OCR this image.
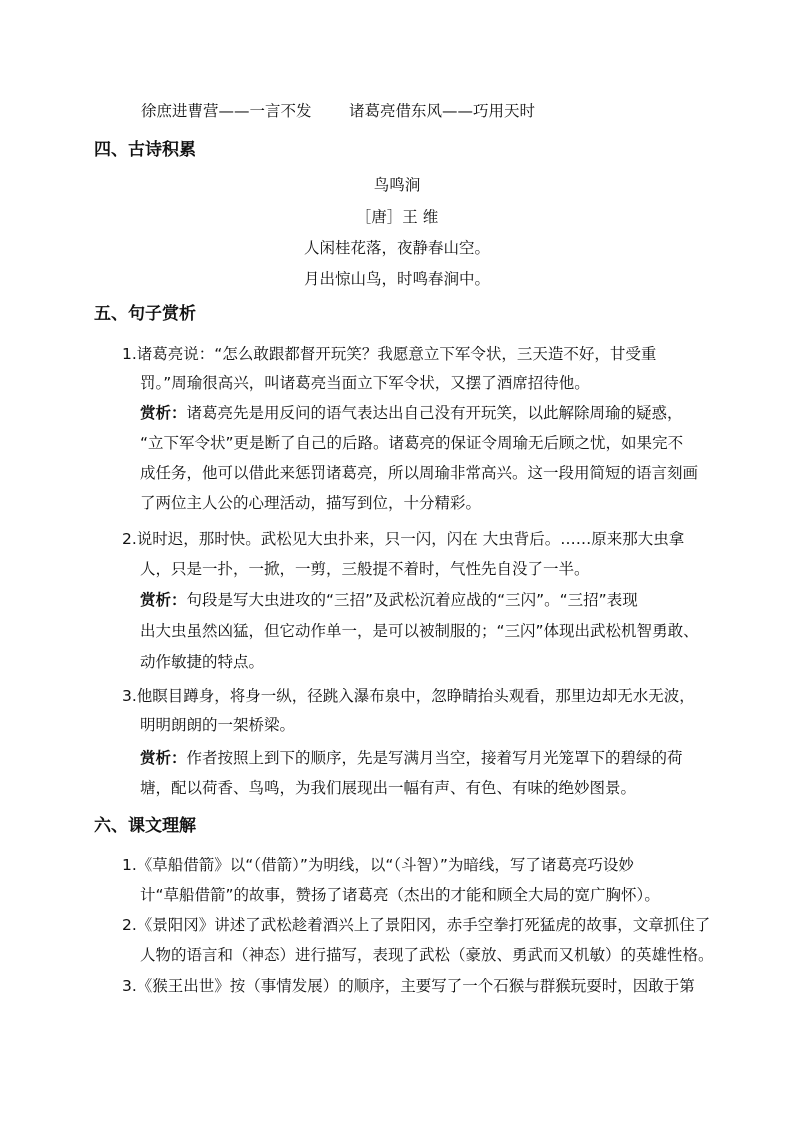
徐庶进曹营——一言不发 诸葛亮借东风——巧用天时
四、古诗积累
鸟鸣涧
［唐］王 维
人闲桂花落，夜静春山空。
月出惊山鸟，时鸣春涧中。
五、句子赏析
1.诸葛亮说：“怎么敢跟都督开玩笑？我愿意立下军令状，三天造不好，甘受重
罚。”周瑜很高兴，叫诸葛亮当面立下军令状，又摆了酒席招待他。
赏析：诸葛亮先是用反问的语气表达出自己没有开玩笑，以此解除周瑜的疑惑，
“立下军令状”更是断了自己的后路。诸葛亮的保证令周瑜无后顾之忧，如果完不
成任务，他可以借此来惩罚诸葛亮，所以周瑜非常高兴。这一段用简短的语言刻画
了两位主人公的心理活动，描写到位，十分精彩。
2.说时迟，那时快。武松见大虫扑来，只一闪，闪在 大虫背后。……原来那大虫拿
人，只是一扑，一掀，一剪，三般提不着时，气性先自没了一半。
赏析：句段是写大虫进攻的“三招”及武松沉着应战的“三闪”。“三招”表现
出大虫虽然凶猛，但它动作单一，是可以被制服的；“三闪”体现出武松机智勇敢、
动作敏捷的特点。
3.他瞑目蹲身，将身一纵，径跳入瀑布泉中，忽睁睛抬头观看，那里边却无水无波，
明明朗朗的一架桥梁。
赏析：作者按照上到下的顺序，先是写满月当空，接着写月光笼罩下的碧绿的荷
塘，配以荷香、鸟鸣，为我们展现出一幅有声、有色、有味的绝妙图景。
六、课文理解
1.《草船借箭》以“（借箭）”为明线，以“（斗智）”为暗线，写了诸葛亮巧设妙
计“草船借箭”的故事，赞扬了诸葛亮（杰出的才能和顾全大局的宽广胸怀）。
2.《景阳冈》讲述了武松趁着酒兴上了景阳冈，赤手空拳打死猛虎的故事，文章抓住了
人物的语言和（神态）进行描写，表现了武松（豪放、勇武而又机敏）的英雄性格。
3.《猴王出世》按（事情发展）的顺序，主要写了一个石猴与群猴玩耍时，因敢于第
